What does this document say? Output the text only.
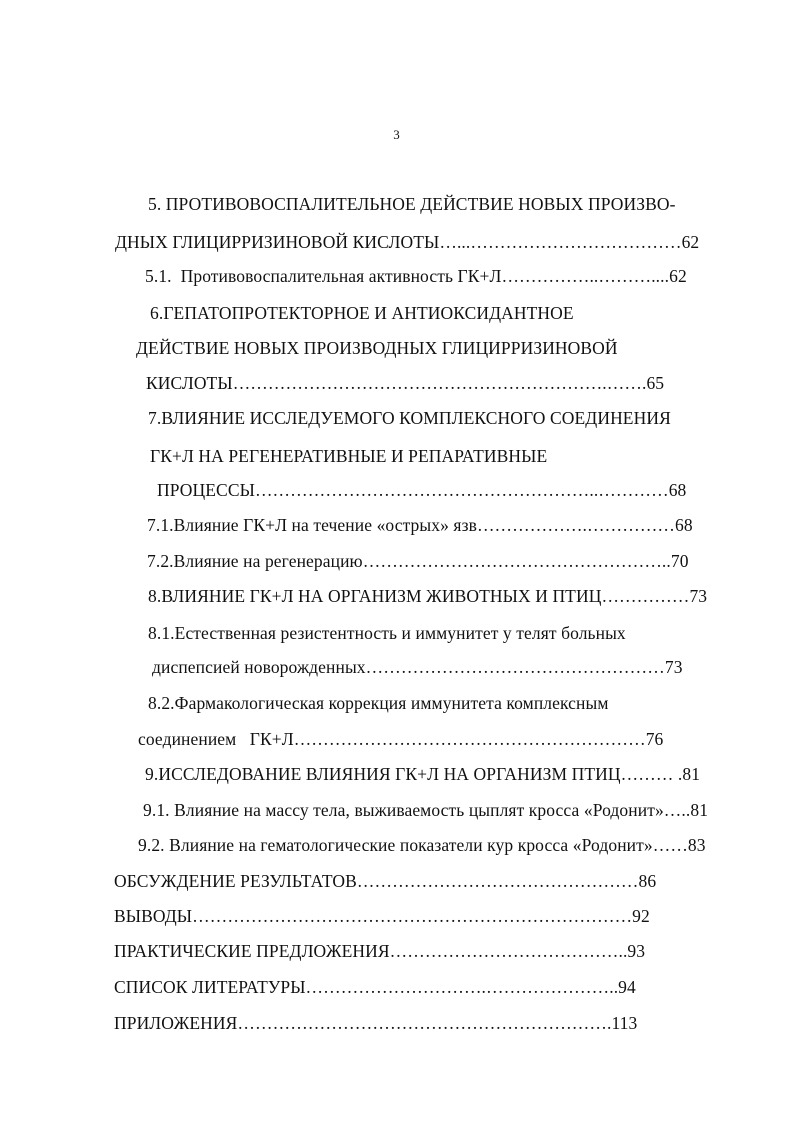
3
5. ПРОТИВОВОСПАЛИТЕЛЬНОЕ ДЕЙСТВИЕ НОВЫХ ПРОИЗВО-
ДНЫХ ГЛИЦИРРИЗИНОВОЙ КИСЛОТЫ…...………………………………62
5.1.  Противовоспалительная активность ГК+Л……………..………....62
6.ГЕПАТОПРОТЕКТОРНОЕ И АНТИОКСИДАНТНОЕ
ДЕЙСТВИЕ НОВЫХ ПРОИЗВОДНЫХ ГЛИЦИРРИЗИНОВОЙ
КИСЛОТЫ……………………………………………………….…….65
7.ВЛИЯНИЕ ИССЛЕДУЕМОГО КОМПЛЕКСНОГО СОЕДИНЕНИЯ
ГК+Л НА РЕГЕНЕРАТИВНЫЕ И РЕПАРАТИВНЫЕ
ПРОЦЕССЫ…………………………………………………..…………68
7.1.Влияние ГК+Л на течение «острых» язв……………….……………68
7.2.Влияние на регенерацию……………………………………………..70
8.ВЛИЯНИЕ ГК+Л НА ОРГАНИЗМ ЖИВОТНЫХ И ПТИЦ……………73
8.1.Естественная резистентность и иммунитет у телят больных
диспепсией новорожденных……………………………………………73
8.2.Фармакологическая коррекция иммунитета комплексным
соединением   ГК+Л……………………………………………………76
9.ИССЛЕДОВАНИЕ ВЛИЯНИЯ ГК+Л НА ОРГАНИЗМ ПТИЦ……… .81
9.1. Влияние на массу тела, выживаемость цыплят кросса «Родонит»…..81
9.2. Влияние на гематологические показатели кур кросса «Родонит»……83
ОБСУЖДЕНИЕ РЕЗУЛЬТАТОВ…………………………………………86
ВЫВОДЫ…………………………………………………………………92
ПРАКТИЧЕСКИЕ ПРЕДЛОЖЕНИЯ…………………………………..93
СПИСОК ЛИТЕРАТУРЫ………………………….…………………..94
ПРИЛОЖЕНИЯ……………………………………………………….113
